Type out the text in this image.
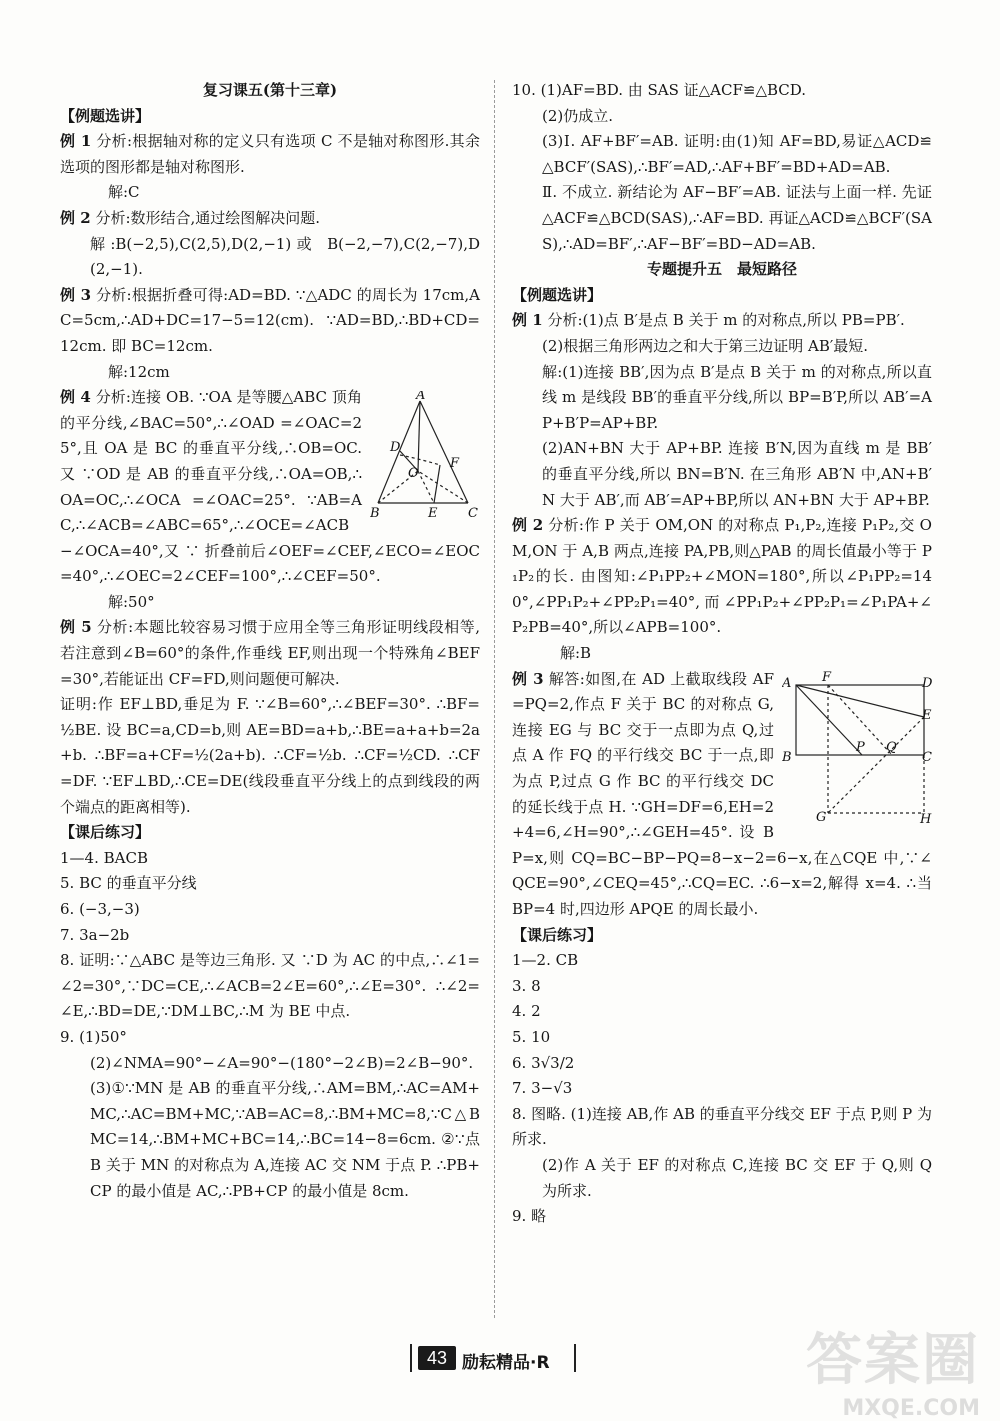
复习课五(第十三章)

【例题选讲】

例 1 分析:根据轴对称的定义只有选项 C 不是轴对称图形.其余选项的图形都是轴对称图形.

解:C

例 2 分析:数形结合,通过绘图解决问题.

解:B(−2,5),C(2,5),D(2,−1)或 B(−2,−7),C(2,−7),D(2,−1).

例 3 分析:根据折叠可得:AD=BD. ∵△ADC 的周长为 17cm,AC=5cm,∴AD+DC=17−5=12(cm). ∵AD=BD,∴BD+CD=12cm. 即 BC=12cm.

解:12cm

A
B	C
D
O
E
F
例 4 分析:连接 OB. ∵OA 是等腰△ABC 顶角的平分线,∠BAC=50°,∴∠OAD =∠OAC=25°,且 OA 是 BC 的垂直平分线,∴OB=OC. 又 ∵OD 是 AB 的垂直平分线,∴OA=OB,∴OA=OC,∴∠OCA =∠OAC=25°. ∵AB=AC,∴∠ACB=∠ABC=65°,∴∠OCE=∠ACB−∠OCA=40°,又 ∵ 折叠前后∠OEF=∠CEF,∠ECO=∠EOC=40°,∴∠OEC=2∠CEF=100°,∴∠CEF=50°.

解:50°

例 5 分析:本题比较容易习惯于应用全等三角形证明线段相等,若注意到∠B=60°的条件,作垂线 EF,则出现一个特殊角∠BEF=30°,若能证出 CF=FD,则问题便可解决.

证明:作 EF⊥BD,垂足为 F. ∵∠B=60°,∴∠BEF=30°. ∴BF=½BE. 设 BC=a,CD=b,则 AE=BD=a+b,∴BE=a+a+b=2a+b. ∴BF=a+CF=½(2a+b). ∴CF=½b. ∴CF=½CD. ∴CF=DF. ∵EF⊥BD,∴CE=DE(线段垂直平分线上的点到线段的两个端点的距离相等).

【课后练习】

1—4. BACB

5. BC 的垂直平分线

6. (−3,−3)

7. 3a−2b

8. 证明:∵△ABC 是等边三角形. 又 ∵D 为 AC 的中点,∴∠1=∠2=30°,∵DC=CE,∴∠ACB=2∠E=60°,∴∠E=30°. ∴∠2=∠E,∴BD=DE,∵DM⊥BC,∴M 为 BE 中点.

9. (1)50°

(2)∠NMA=90°−∠A=90°−(180°−2∠B)=2∠B−90°.

(3)①∵MN 是 AB 的垂直平分线,∴AM=BM,∴AC=AM+MC,∴AC=BM+MC,∵AB=AC=8,∴BM+MC=8,∵C△BMC=14,∴BM+MC+BC=14,∴BC=14−8=6cm. ②∵点 B 关于 MN 的对称点为 A,连接 AC 交 NM 于点 P. ∴PB+CP 的最小值是 AC,∴PB+CP 的最小值是 8cm.

10. (1)AF=BD. 由 SAS 证△ACF≌△BCD.

(2)仍成立.

(3)Ⅰ. AF+BF′=AB. 证明:由(1)知 AF=BD,易证△ACD≌△BCF′(SAS),∴BF′=AD,∴AF+BF′=BD+AD=AB.

Ⅱ. 不成立. 新结论为 AF−BF′=AB. 证法与上面一样. 先证△ACF≌△BCD(SAS),∴AF=BD. 再证△ACD≌△BCF′(SAS),∴AD=BF′,∴AF−BF′=BD−AD=AB.

专题提升五　最短路径

【例题选讲】

例 1 分析:(1)点 B′是点 B 关于 m 的对称点,所以 PB=PB′.

(2)根据三角形两边之和大于第三边证明 AB′最短.

解:(1)连接 BB′,因为点 B′是点 B 关于 m 的对称点,所以直线 m 是线段 BB′的垂直平分线,所以 BP=B′P,所以 AB′=AP+B′P=AP+BP.

(2)AN+BN 大于 AP+BP. 连接 B′N,因为直线 m 是 BB′的垂直平分线,所以 BN=B′N. 在三角形 AB′N 中,AN+B′N 大于 AB′,而 AB′=AP+BP,所以 AN+BN 大于 AP+BP.

例 2 分析:作 P 关于 OM,ON 的对称点 P₁,P₂,连接 P₁P₂,交 OM,ON 于 A,B 两点,连接 PA,PB,则△PAB 的周长值最小等于 P₁P₂的长. 由图知:∠P₁PP₂+∠MON=180°,所以∠P₁PP₂=140°,∠PP₁P₂+∠PP₂P₁=40°,而∠PP₁P₂+∠PP₂P₁=∠P₁PA+∠P₂PB=40°,所以∠APB=100°.

解:B

A F	D
E
B
P Q
C
G	H
例 3 解答:如图,在 AD 上截取线段 AF=PQ=2,作点 F 关于 BC 的对称点 G,连接 EG 与 BC 交于一点即为点 Q,过点 A 作 FQ 的平行线交 BC 于一点,即为点 P,过点 G 作 BC 的平行线交 DC 的延长线于点 H. ∵GH=DF=6,EH=2+4=6,∠H=90°,∴∠GEH=45°. 设 BP=x,则 CQ=BC−BP−PQ=8−x−2=6−x,在△CQE 中,∵∠QCE=90°,∠CEQ=45°,∴CQ=EC. ∴6−x=2,解得 x=4. ∴当 BP=4 时,四边形 APQE 的周长最小.

【课后练习】

1—2. CB

3. 8

4. 2

5. 10

6. 3√3/2

7. 3−√3

8. 图略. (1)连接 AB,作 AB 的垂直平分线交 EF 于点 P,则 P 为所求.

(2)作 A 关于 EF 的对称点 C,连接 BC 交 EF 于 Q,则 Q 为所求.

9. 略

43 励耘精品·R	答案圈
MXQE.COM
